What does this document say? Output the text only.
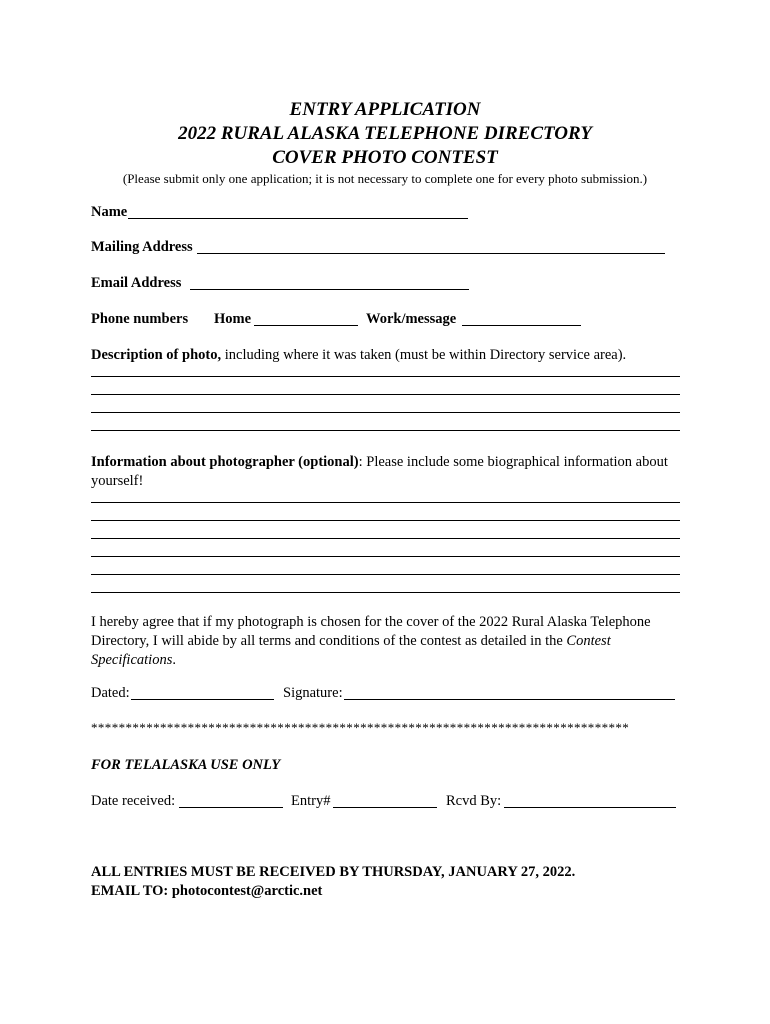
ENTRY APPLICATION
2022 RURAL ALASKA TELEPHONE DIRECTORY
COVER PHOTO CONTEST
(Please submit only one application; it is not necessary to complete one for every photo submission.)
Name
Mailing Address
Email Address
Phone numbers Home	Work/message
Description of photo, including where it was taken (must be within Directory service area).
Information about photographer (optional): Please include some biographical information about yourself!
I hereby agree that if my photograph is chosen for the cover of the 2022 Rural Alaska Telephone Directory, I will abide by all terms and conditions of the contest as detailed in the Contest Specifications.
Dated:	Signature:
******************************************************************************
FOR TELALASKA USE ONLY
Date received:	Entry#	Rcvd By:
ALL ENTRIES MUST BE RECEIVED BY THURSDAY, JANUARY 27, 2022.
EMAIL TO: photocontest@arctic.net
